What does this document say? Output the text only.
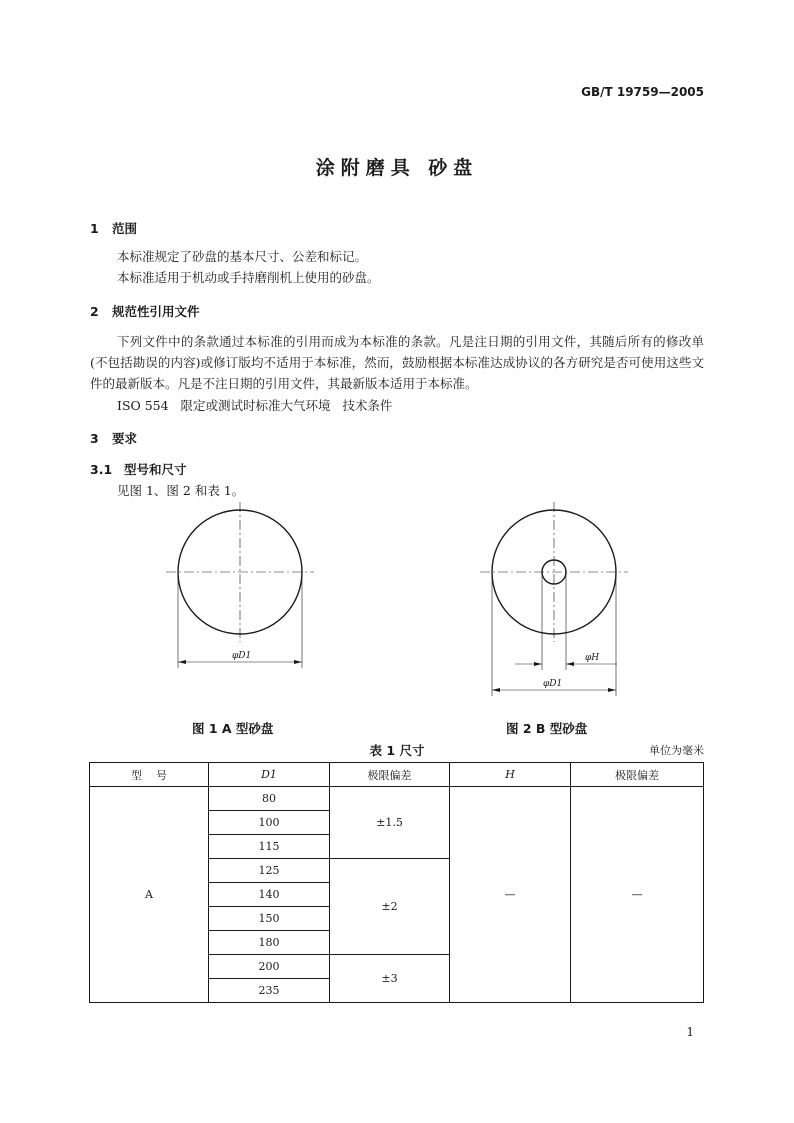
GB/T 19759—2005
涂附磨具 砂盘
1 范围
本标准规定了砂盘的基本尺寸、公差和标记。
本标准适用于机动或手持磨削机上使用的砂盘。
2 规范性引用文件
下列文件中的条款通过本标准的引用而成为本标准的条款。凡是注日期的引用文件，其随后所有的修改单(不包括勘误的内容)或修订版均不适用于本标准，然而，鼓励根据本标准达成协议的各方研究是否可使用这些文件的最新版本。凡是不注日期的引用文件，其最新版本适用于本标准。
ISO 554   限定或测试时标准大气环境   技术条件
3 要求
3.1 型号和尺寸
见图 1、图 2 和表 1。
φD1
图 1 A 型砂盘
φH
φD1
图 2 B 型砂盘
表 1 尺寸	单位为毫米
型    号	D1	极限偏差	H	极限偏差
A	80	±1.5	—	—
	100			
	115			
	125	±2		
	140			
	150			
	180			
	200	±3		
	235			
1
